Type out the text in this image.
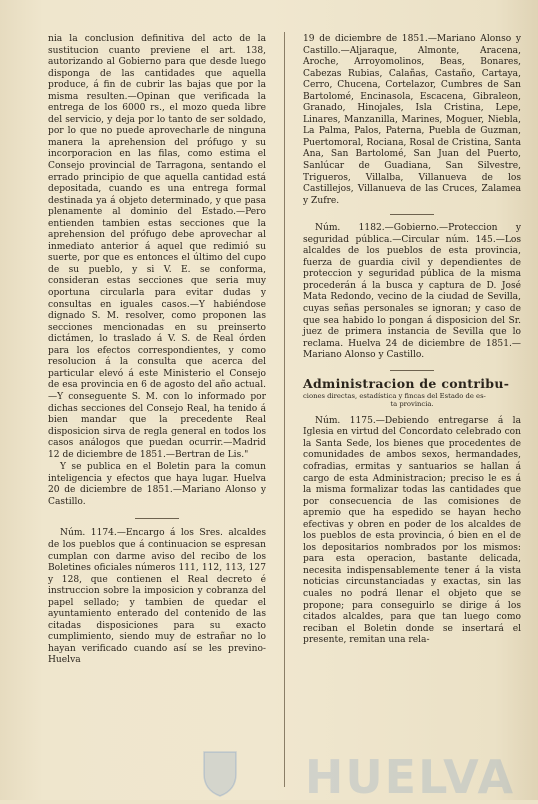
nia la conclusion definitiva del acto de la sustitucion cuanto previene el art. 138, autorizando al Gobierno para que desde luego disponga de las cantidades que aquella produce, á fin de cubrir las bajas que por la misma resulten.—Opinan que verificada la entrega de los 6000 rs., el mozo queda libre del servicio, y deja por lo tanto de ser soldado, por lo que no puede aprovecharle de ninguna manera la aprehension del prófugo y su incorporacion en las filas, como estima el Consejo provincial de Tarragona, sentando el errado principio de que aquella cantidad está depositada, cuando es una entrega formal destinada ya á objeto determinado, y que pasa plenamente al dominio del Estado.—Pero entienden tambien estas secciones que la aprehension del prófugo debe aprovechar al inmediato anterior á aquel que redimió su suerte, por que es entonces el último del cupo de su pueblo, y si V. E. se conforma, consideran estas secciones que seria muy oportuna circularla para evitar dudas y consultas en iguales casos.—Y habiéndose dignado S. M. resolver, como proponen las secciones mencionadas en su preinserto dictámen, lo traslado á V. S. de Real órden para los efectos correspondientes, y como resolucion á la consulta que acerca del particular elevó á este Ministerio el Consejo de esa provincia en 6 de agosto del año actual.—Y conseguente S. M. con lo informado por dichas secciones del Consejo Real, ha tenido á bien mandar que la precedente Real disposicion sirva de regla general en todos los casos análogos que puedan ocurrir.—Madrid 12 de diciembre de 1851.—Bertran de Lis."

Y se publica en el Boletin para la comun inteligencia y efectos que haya lugar. Huelva 20 de diciembre de 1851.—Mariano Alonso y Castillo.

Núm. 1174.—Encargo á los Sres. alcaldes de los pueblos que á continuacion se espresan cumplan con darme aviso del recibo de los Boletines oficiales números 111, 112, 113, 127 y 128, que contienen el Real decreto é instruccion sobre la imposicion y cobranza del papel sellado; y tambien de quedar el ayuntamiento enterado del contenido de las citadas disposiciones para su exacto cumplimiento, siendo muy de estrañar no lo hayan verificado cuando así se les previno- Huelva

19 de diciembre de 1851.—Mariano Alonso y Castillo.—Aljaraque, Almonte, Aracena, Aroche, Arroyomolinos, Beas, Bonares, Cabezas Rubias, Calañas, Castaño, Cartaya, Cerro, Chucena, Cortelazor, Cumbres de San Bartolomé, Encinasola, Escacena, Gibraleon, Granado, Hinojales, Isla Cristina, Lepe, Linares, Manzanilla, Marines, Moguer, Niebla, La Palma, Palos, Paterna, Puebla de Guzman, Puertomoral, Rociana, Rosal de Cristina, Santa Ana, San Bartolomé, San Juan del Puerto, Sanlúcar de Guadiana, San Silvestre, Trigueros, Villalba, Villanueva de los Castillejos, Villanueva de las Cruces, Zalamea y Zufre.

Núm. 1182.—Gobierno.—Proteccion y seguridad pública.—Circular núm. 145.—Los alcaldes de los pueblos de esta provincia, fuerza de guardia civil y dependientes de proteccion y seguridad pública de la misma procederán á la busca y captura de D. José Mata Redondo, vecino de la ciudad de Sevilla, cuyas señas personales se ignoran; y caso de que sea habido lo pongan á disposicion del Sr. juez de primera instancia de Sevilla que lo reclama. Huelva 24 de diciembre de 1851.—Mariano Alonso y Castillo.

Administracion de contribu-

ciones directas, estadística y fincas del Estado de es-

ta provincia.

Núm. 1175.—Debiendo entregarse á la Iglesia en virtud del Concordato celebrado con la Santa Sede, los bienes que procedentes de comunidades de ambos sexos, hermandades, cofradias, ermitas y santuarios se hallan á cargo de esta Administracion; preciso le es á la misma formalizar todas las cantidades que por consecuencia de las comisiones de apremio que ha espedido se hayan hecho efectivas y obren en poder de los alcaldes de los pueblos de esta provincia, ó bien en el de los depositarios nombrados por los mismos: para esta operacion, bastante delicada, necesita indispensablemente tener á la vista noticias circunstanciadas y exactas, sin las cuales no podrá llenar el objeto que se propone; para conseguirlo se dirige á los citados alcaldes, para que tan luego como reciban el Boletin donde se insertará el presente, remitan una rela-

HUELVA
